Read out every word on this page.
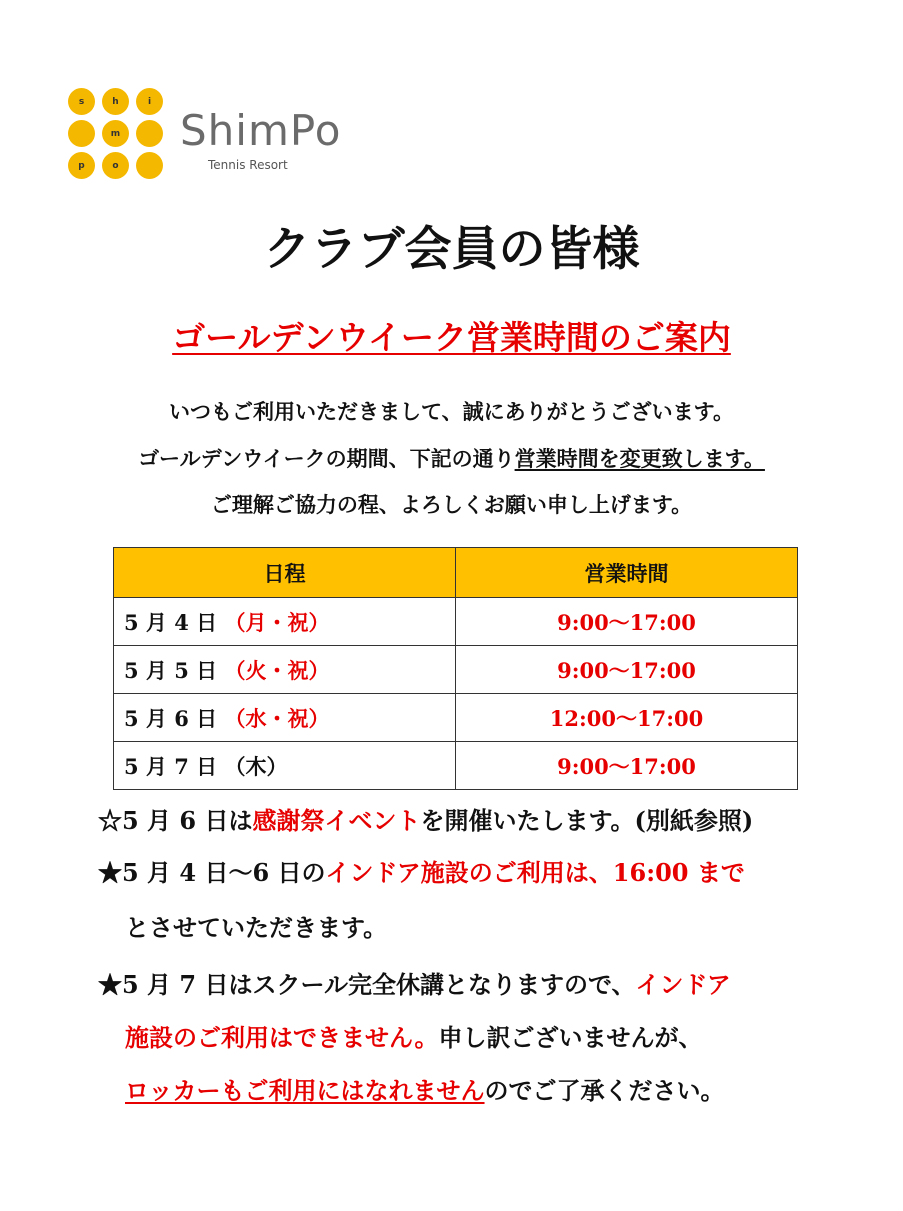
s	h	i
m
p	o
ShimPo
Tennis Resort
クラブ会員の皆様
ゴールデンウイーク営業時間のご案内
いつもご利用いただきまして、誠にありがとうございます。
ゴールデンウイークの期間、下記の通り営業時間を変更致します。
ご理解ご協力の程、よろしくお願い申し上げます。
日程	営業時間
5 月 4 日 （月・祝）	9:00～17:00
5 月 5 日 （火・祝）	9:00～17:00
5 月 6 日 （水・祝）	12:00～17:00
5 月 7 日 （木）	9:00～17:00
☆5 月 6 日は感謝祭イベントを開催いたします。(別紙参照)
★5 月 4 日～6 日のインドア施設のご利用は、16:00 まで
とさせていただきます。
★5 月 7 日はスクール完全休講となりますので、インドア
施設のご利用はできません。申し訳ございませんが、
ロッカーもご利用にはなれませんのでご了承ください。
